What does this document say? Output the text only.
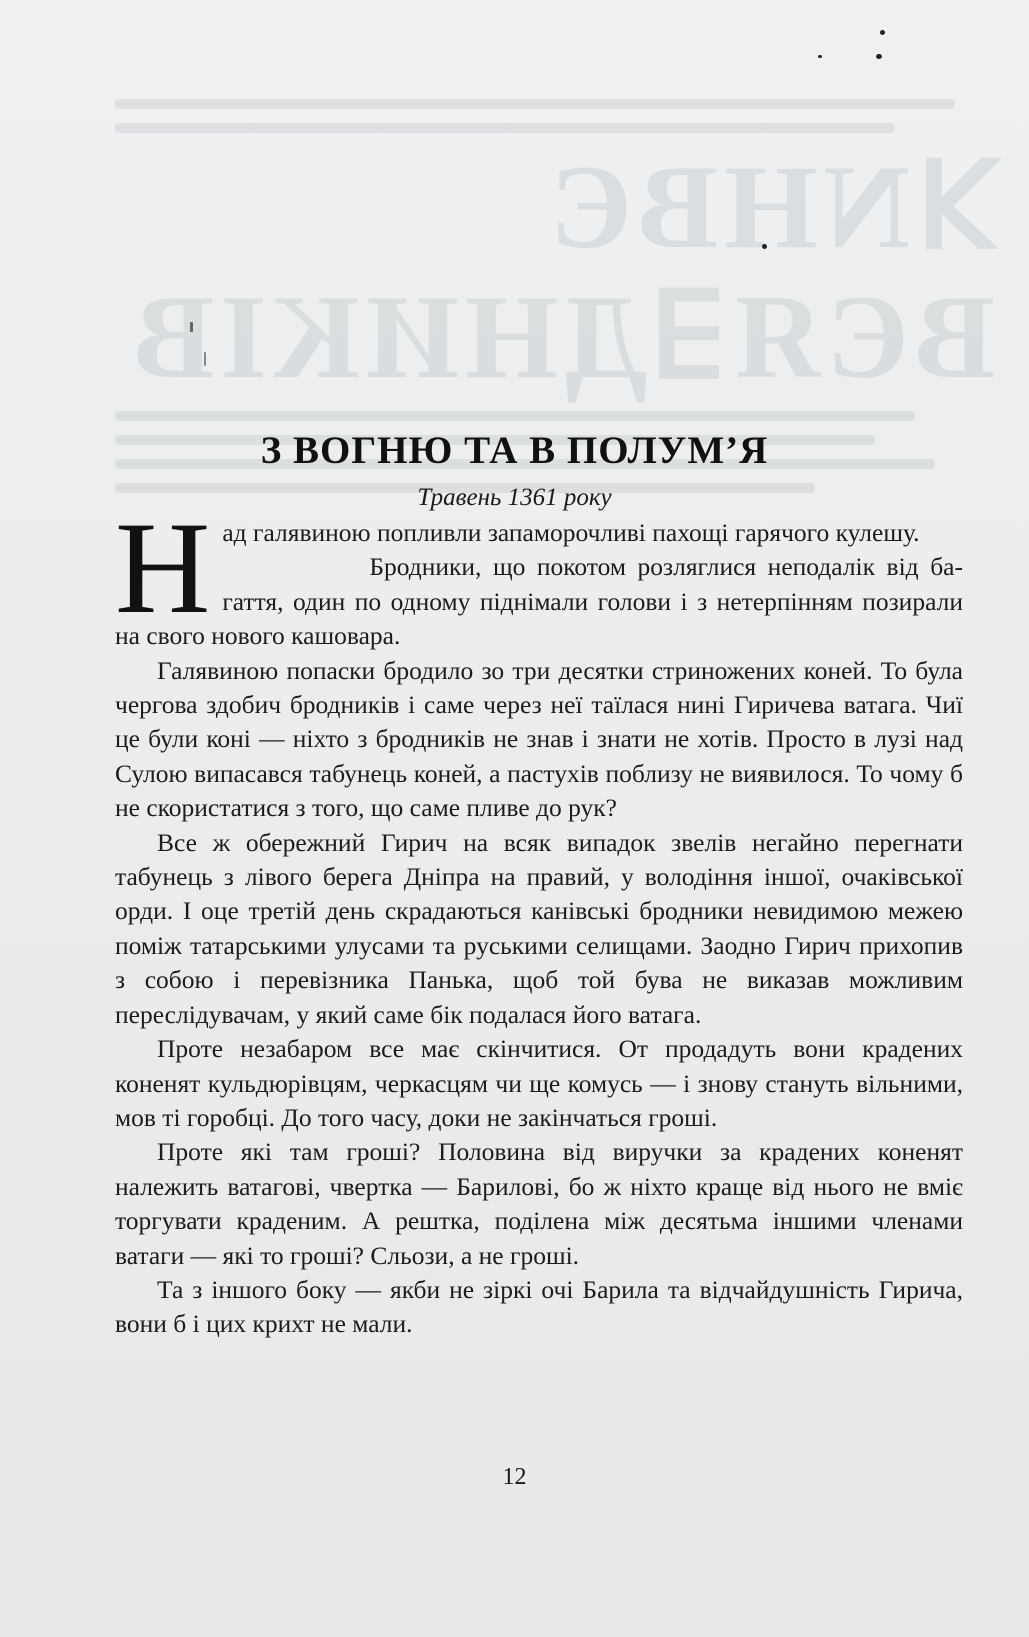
ꓘNHBЄ
ВЄЯ∃ДНИКІВ
З ВОГНЮ ТА В ПОЛУМ’Я
Травень 1361 року

Над галявиною попливли запаморочливі пахощі гарячого кулешу.

Бродники, що покотом розляглися неподалік від багаття, один по одному піднімали голови і з нетерпінням позирали на свого нового кашовара.

Галявиною попаски бродило зо три десятки стриножених коней. То була чергова здобич бродників і саме через неї таїлася нині Гиричева ватага. Чиї це були коні — ніхто з бродників не знав і знати не хотів. Просто в лузі над Сулою випасався табунець коней, а пастухів поблизу не виявилося. То чому б не скористатися з того, що саме пливе до рук?

Все ж обережний Гирич на всяк випадок звелів негайно перегнати табунець з лівого берега Дніпра на правий, у володіння іншої, очаківської орди. І оце третій день скрадаються канівські бродники невидимою межею поміж татарськими улусами та руськими селищами. Заодно Гирич прихопив з собою і перевізника Панька, щоб той бува не виказав можливим переслідувачам, у який саме бік подалася його ватага.

Проте незабаром все має скінчитися. От продадуть вони крадених коненят кульдюрівцям, черкасцям чи ще комусь — і знову стануть вільними, мов ті горобці. До того часу, доки не закінчаться гроші.

Проте які там гроші? Половина від виручки за крадених коненят належить ватагові, чвертка — Барилові, бо ж ніхто краще від нього не вміє торгувати краденим. А рештка, поділена між десятьма іншими членами ватаги — які то гроші? Сльози, а не гроші.

Та з іншого боку — якби не зіркі очі Барила та відчайдушність Гирича, вони б і цих крихт не мали.

12
